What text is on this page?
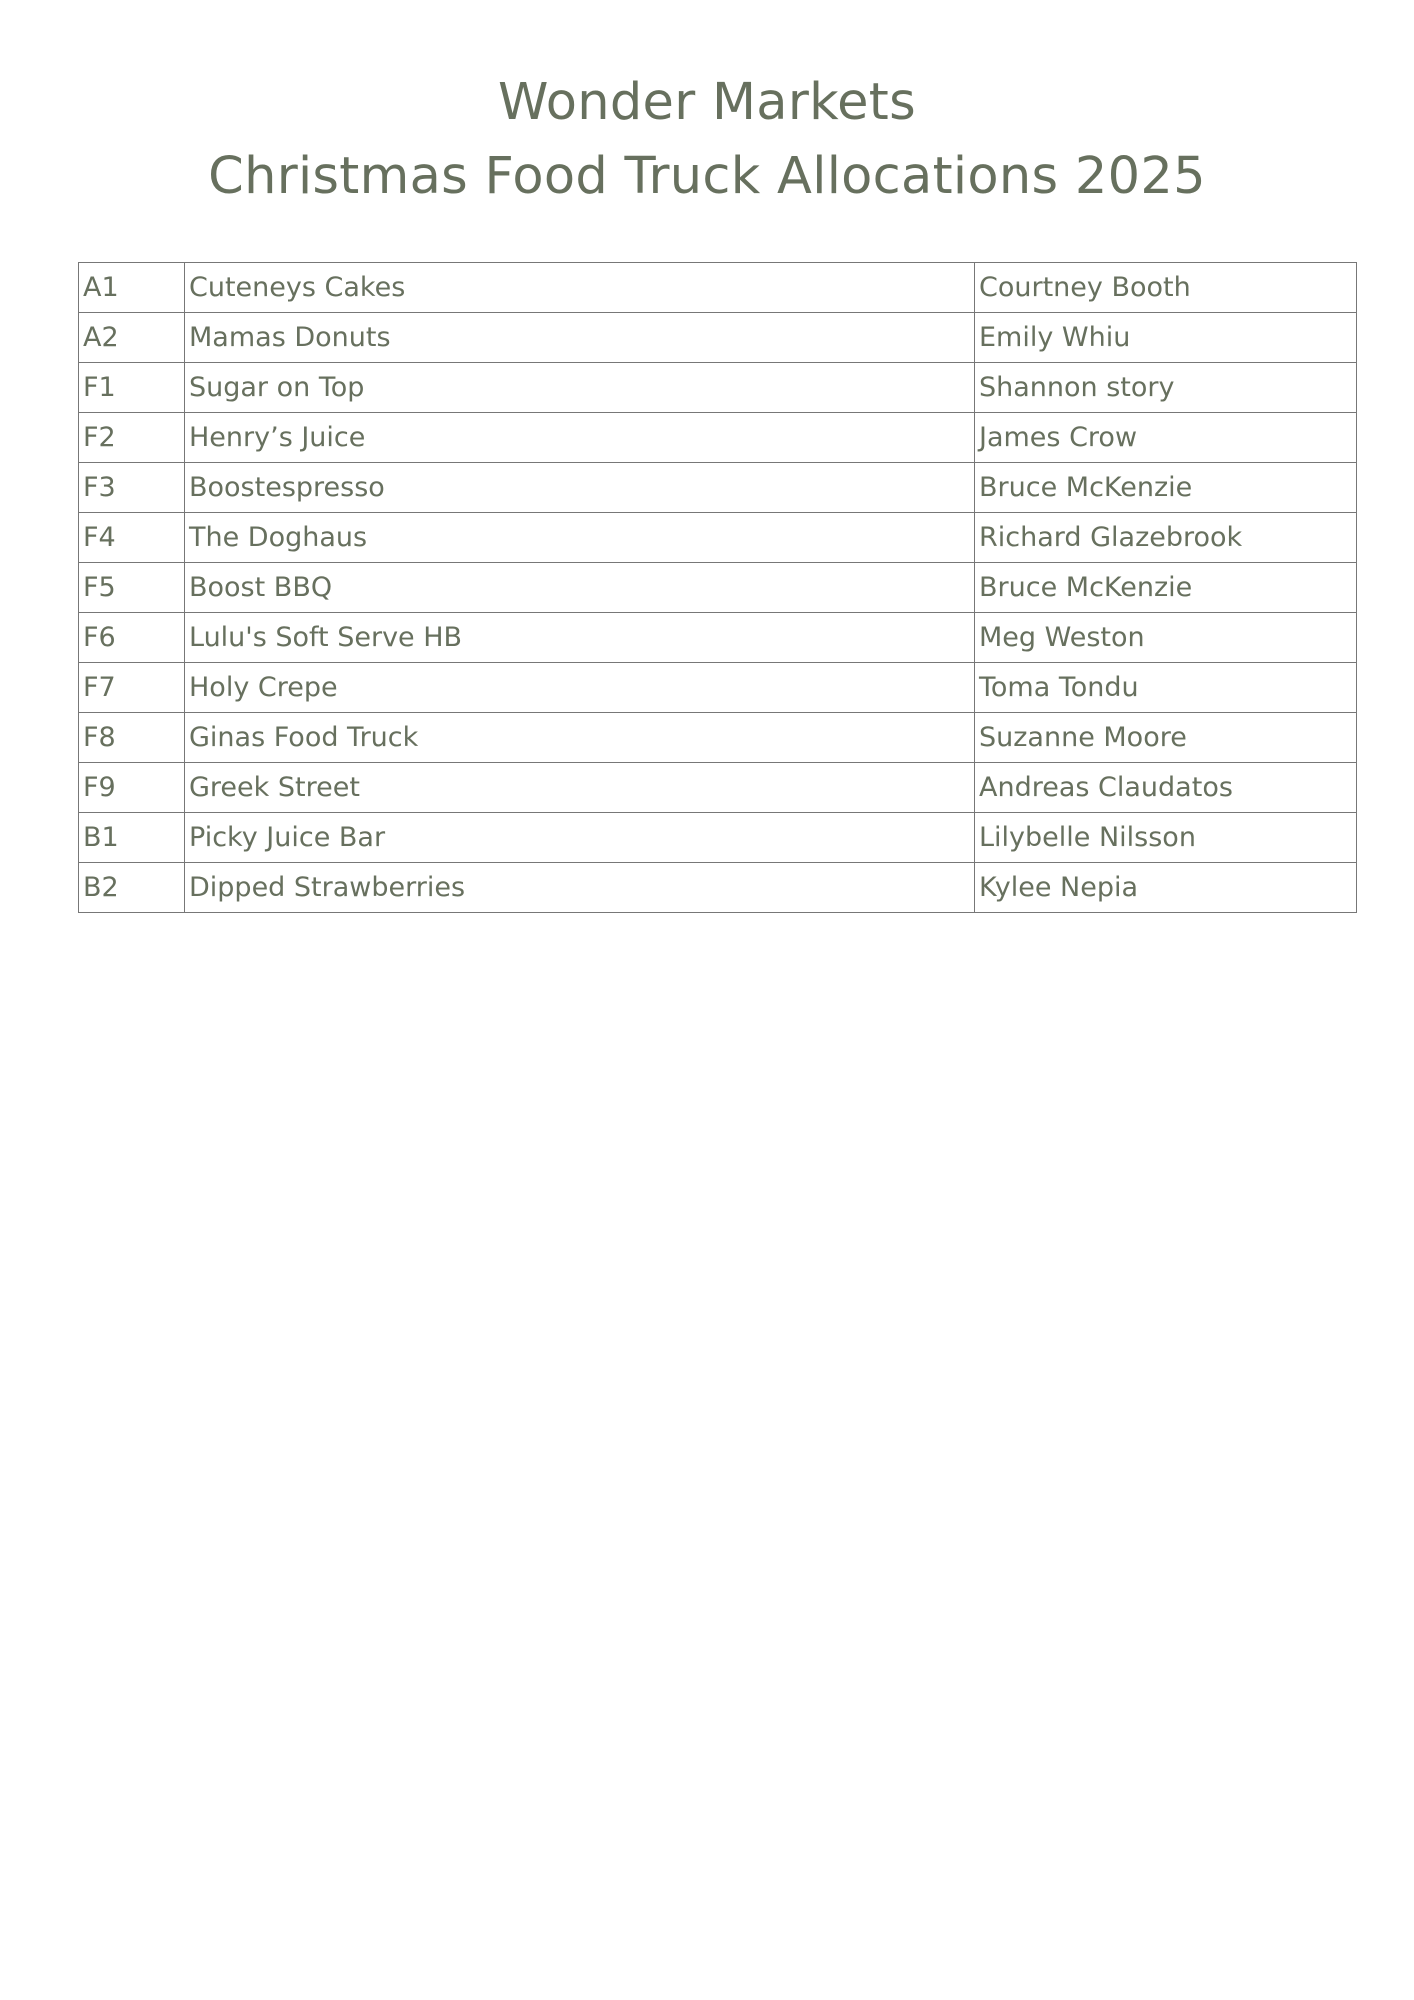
Wonder Markets
Christmas Food Truck Allocations 2025
A1	Cuteneys Cakes	Courtney Booth
A2	Mamas Donuts	Emily Whiu
F1	Sugar on Top	Shannon story
F2	Henry’s Juice	James Crow
F3	Boostespresso	Bruce McKenzie
F4	The Doghaus	Richard Glazebrook
F5	Boost BBQ	Bruce McKenzie
F6	Lulu's Soft Serve HB	Meg Weston
F7	Holy Crepe	Toma Tondu
F8	Ginas Food Truck	Suzanne Moore
F9	Greek Street	Andreas Claudatos
B1	Picky Juice Bar	Lilybelle Nilsson
B2	Dipped Strawberries	Kylee Nepia
